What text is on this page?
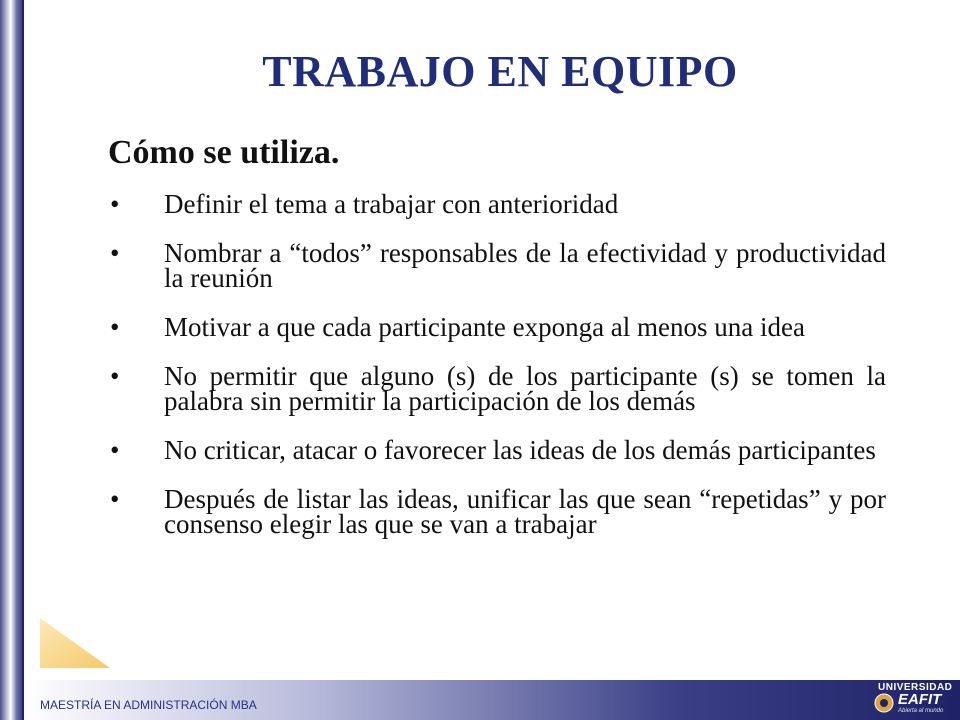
TRABAJO EN EQUIPO
Cómo se utiliza.
•	Definir el tema a trabajar con anterioridad
•	Nombrar a “todos” responsables de la efectividad y productividad la reunión
•	Motivar a que cada participante exponga al menos una idea
•	No permitir que alguno (s) de los participante (s) se tomen la palabra sin permitir la participación de los demás
•	No criticar, atacar o favorecer las ideas de los demás participantes
•	Después de listar las ideas, unificar las que sean “repetidas” y por consenso elegir las que se van a trabajar
MAESTRÍA EN ADMINISTRACIÓN MBA
UNIVERSIDAD
EAFIT
Abierta al mundo
